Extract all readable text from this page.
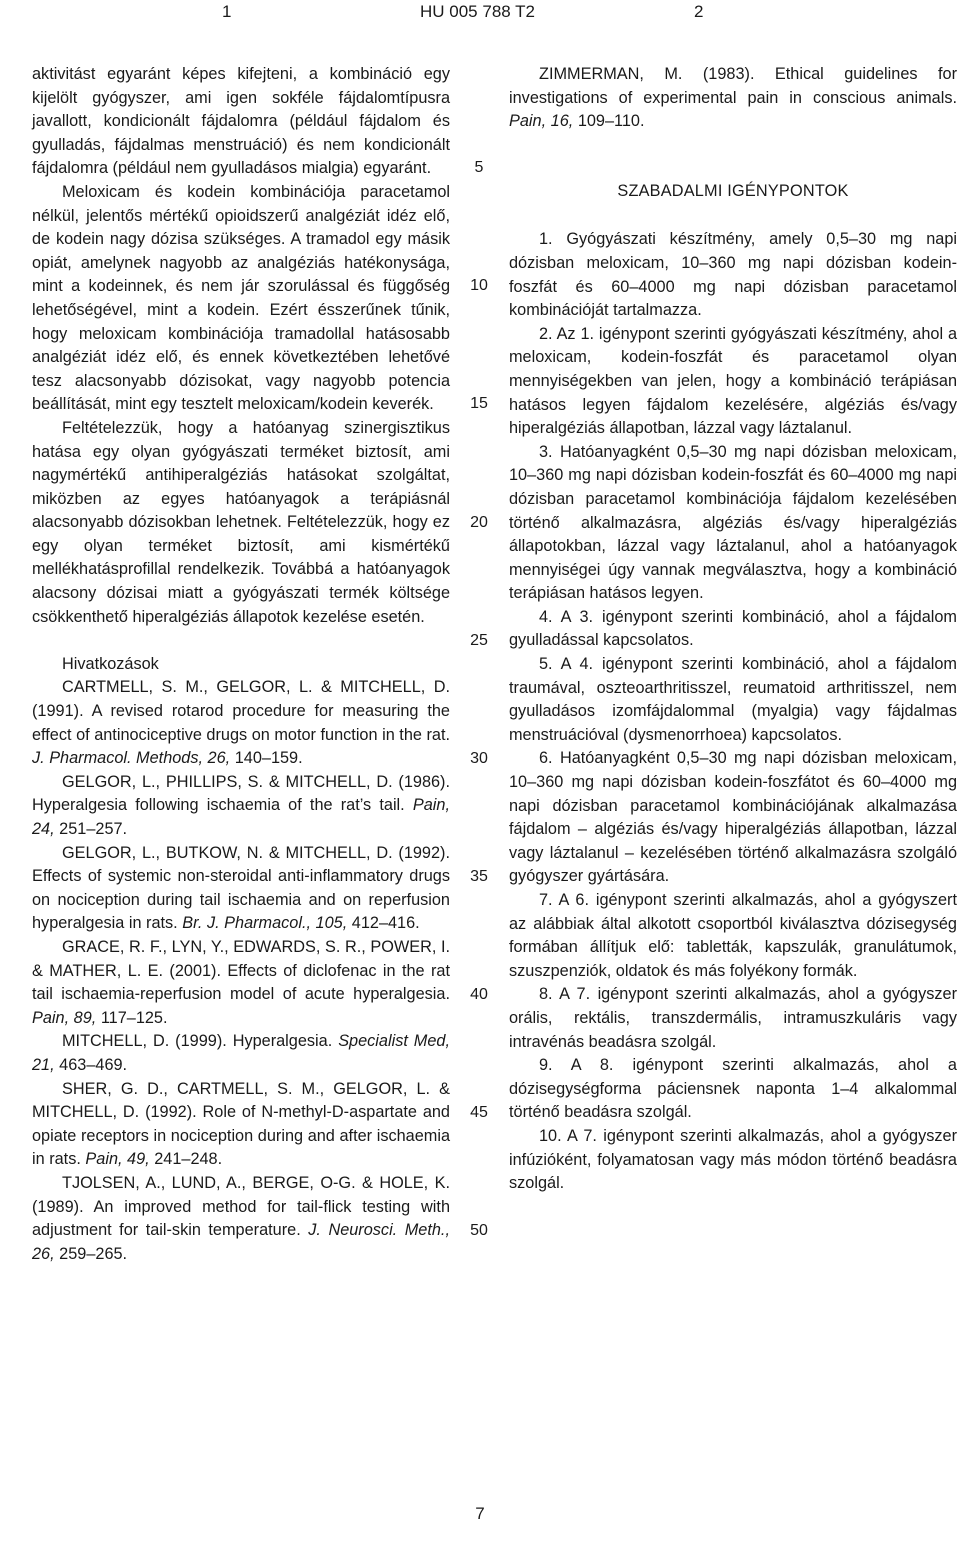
1	HU 005 788 T2	2

aktivitást egyaránt képes kifejteni, a kombináció egy kijelölt gyógyszer, ami igen sokféle fájdalomtípusra javallott, kondicionált fájdalomra (például fájdalom és gyulladás, fájdalmas menstruáció) és nem kondicionált fájdalomra (például nem gyulladásos mialgia) egyaránt.

Meloxicam és kodein kombinációja paracetamol nélkül, jelentős mértékű opioidszerű analgéziát idéz elő, de kodein nagy dózisa szükséges. A tramadol egy másik opiát, amelynek nagyobb az analgéziás hatékonysága, mint a kodeinnek, és nem jár szorulással és függőség lehetőségével, mint a kodein. Ezért ésszerűnek tűnik, hogy meloxicam kombinációja tramadollal hatásosabb analgéziát idéz elő, és ennek következtében lehetővé tesz alacsonyabb dózisokat, vagy nagyobb potencia beállítását, mint egy tesztelt meloxicam/kodein keverék.

Feltételezzük, hogy a hatóanyag szinergisztikus hatása egy olyan gyógyászati terméket biztosít, ami nagymértékű antihiperalgéziás hatásokat szolgáltat, miközben az egyes hatóanyagok a terápiásnál alacsonyabb dózisokban lehetnek. Feltételezzük, hogy ez egy olyan terméket biztosít, ami kismértékű mellékhatásprofillal rendelkezik. Továbbá a hatóanyagok alacsony dózisai miatt a gyógyászati termék költsége csökkenthető hiperalgéziás állapotok kezelése esetén.

Hivatkozások

CARTMELL, S. M., GELGOR, L. & MITCHELL, D. (1991). A revised rotarod procedure for measuring the effect of antinociceptive drugs on motor function in the rat. J. Pharmacol. Methods, 26, 140–159.

GELGOR, L., PHILLIPS, S. & MITCHELL, D. (1986). Hyperalgesia following ischaemia of the rat’s tail. Pain, 24, 251–257.

GELGOR, L., BUTKOW, N. & MITCHELL, D. (1992). Effects of systemic non-steroidal anti-inflammatory drugs on nociception during tail ischaemia and on reperfusion hyperalgesia in rats. Br. J. Pharmacol., 105, 412–416.

GRACE, R. F., LYN, Y., EDWARDS, S. R., POWER, I. & MATHER, L. E. (2001). Effects of diclofenac in the rat tail ischaemia-reperfusion model of acute hyperalgesia. Pain, 89, 117–125.

MITCHELL, D. (1999). Hyperalgesia. Specialist Med, 21, 463–469.

SHER, G. D., CARTMELL, S. M., GELGOR, L. & MITCHELL, D. (1992). Role of N-methyl-D-aspartate and opiate receptors in nociception during and after ischaemia in rats. Pain, 49, 241–248.

TJOLSEN, A., LUND, A., BERGE, O-G. & HOLE, K. (1989). An improved method for tail-flick testing with adjustment for tail-skin temperature. J. Neurosci. Meth., 26, 259–265.

5
10
15
20
25
30
35
40
45
50

ZIMMERMAN, M. (1983). Ethical guidelines for investigations of experimental pain in conscious animals. Pain, 16, 109–110.

SZABADALMI IGÉNYPONTOK

1. Gyógyászati készítmény, amely 0,5–30 mg napi dózisban meloxicam, 10–360 mg napi dózisban kodein-foszfát és 60–4000 mg napi dózisban paracetamol kombinációját tartalmazza.

2. Az 1. igénypont szerinti gyógyászati készítmény, ahol a meloxicam, kodein-foszfát és paracetamol olyan mennyiségekben van jelen, hogy a kombináció terápiásan hatásos legyen fájdalom kezelésére, algéziás és/vagy hiperalgéziás állapotban, lázzal vagy láztalanul.

3. Hatóanyagként 0,5–30 mg napi dózisban meloxicam, 10–360 mg napi dózisban kodein-foszfát és 60–4000 mg napi dózisban paracetamol kombinációja fájdalom kezelésében történő alkalmazásra, algéziás és/vagy hiperalgéziás állapotokban, lázzal vagy láztalanul, ahol a hatóanyagok mennyiségei úgy vannak megválasztva, hogy a kombináció terápiásan hatásos legyen.

4. A 3. igénypont szerinti kombináció, ahol a fájdalom gyulladással kapcsolatos.

5. A 4. igénypont szerinti kombináció, ahol a fájdalom traumával, oszteoarthritisszel, reumatoid arthritisszel, nem gyulladásos izomfájdalommal (myalgia) vagy fájdalmas menstruációval (dysmenorrhoea) kapcsolatos.

6. Hatóanyagként 0,5–30 mg napi dózisban meloxicam, 10–360 mg napi dózisban kodein-foszfátot és 60–4000 mg napi dózisban paracetamol kombinációjának alkalmazása fájdalom – algéziás és/vagy hiperalgéziás állapotban, lázzal vagy láztalanul – kezelésében történő alkalmazásra szolgáló gyógyszer gyártására.

7. A 6. igénypont szerinti alkalmazás, ahol a gyógyszert az alábbiak által alkotott csoportból kiválasztva dózisegység formában állítjuk elő: tabletták, kapszulák, granulátumok, szuszpenziók, oldatok és más folyékony formák.

8. A 7. igénypont szerinti alkalmazás, ahol a gyógyszer orális, rektális, transzdermális, intramuszkuláris vagy intravénás beadásra szolgál.

9. A 8. igénypont szerinti alkalmazás, ahol a dózisegységforma páciensnek naponta 1–4 alkalommal történő beadásra szolgál.

10. A 7. igénypont szerinti alkalmazás, ahol a gyógyszer infúzióként, folyamatosan vagy más módon történő beadásra szolgál.

7
